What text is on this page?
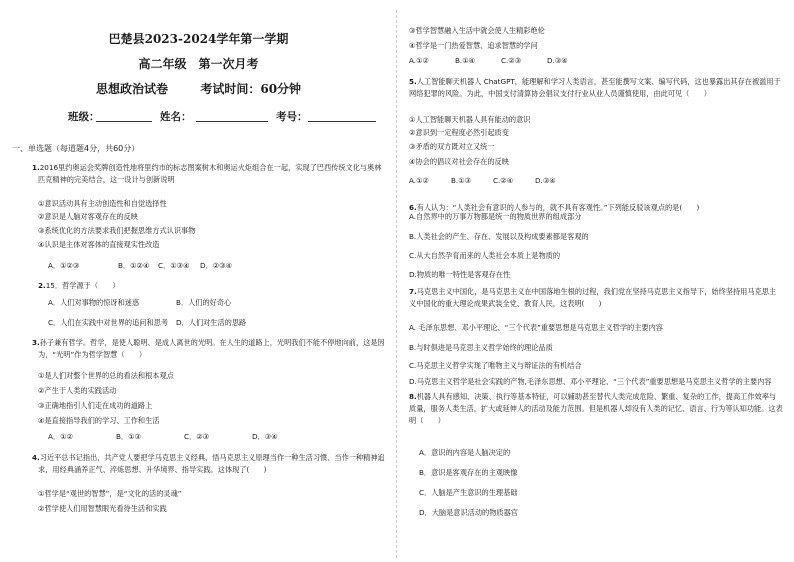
巴楚县2023-2024学年第一学期
高二年级　第一次月考
思想政治试卷	考试时间：60分钟
班级：	姓名：	考号：
一、单选题（每道题4分，共60分）
1.2016里约奥运会奖牌创造性地将里约市的标志图案树木和奥运火炬组合在一起，实现了巴西传统文化与奥林匹克精神的完美结合，这一设计与创新说明
①意识活动具有主动创造性和自觉选择性
②意识是人脑对客观存在的反映
③系统优化的方法要求我们把握思维方式认识事物
④认识是主体对客体的直接观实性改造
A．①②③	B．①②④ C．①③④ D．②③④
2.15．哲学源于（　　）
A．人们对事物的惊讶和迷惑	B．人们的好奇心
C．人们在实践中对世界的追问和思考 D．人们对生活的思路
3.孙子兼有哲学。哲学，是使人聪明、是成人离世的光明。在人生的道路上，光明我们不能不停地向前，这是因为，“光明”作为哲学智慧（　　）
①是人们对整个世界的总的看法和根本观点
②产生于人类的实践活动
③正确地指引人们走在成功的道路上
④是直接指导我们的学习、工作和生活
A．①②	B．①③	C．②③	D．③④
4.习近平总书记指出，共产党人要把学马克思主义经典、悟马克思主义原理当作一种生活习惯、当作一种精神追求，用经典涵养正气、淬炼思想、升华境界、指导实践。这体现了(　　)
①哲学是“观世的智慧”，是“文化的活的灵魂”
②哲学使人们用智慧眼光看待生活和实践
③哲学智慧融入生活中就会使人生精彩绝伦
④哲学是一门热爱智慧、追求智慧的学问
A.①②	B.①④	C.②③	D.③④
5.人工智能聊天机器人 ChatGPT，能理解和学习人类语言，甚至能撰写文案、编写代码，这也暴露出其存在被滥用于网络犯罪的风险。为此，中国支付清算协会倡议支付行业从业人员谨慎使用，由此可见（　　）
①人工智能聊天机器人具有能动的意识
②意识到一定程度必然引起质变
③矛盾的双方既对立又统一
④协会的倡议对社会存在的反映
A.①②	B.①③	C.②④	D.③④
6.有人认为：“人类社会有意识的人参与的，就不具有客观性。”下列能反驳该观点的是(　　)
A.自然界中的万事万物都是统一的物质世界的组成部分
B.人类社会的产生、存在、发展以及构成要素都是客观的
C.从大自然孕育而来的人类社会本质上是物质的
D.物质的唯一特性是客观存在性
7.马克思主义中国化，是马克思主义在中国落地生根的过程，我们党在坚持马克思主义指导下，始终坚持用马克思主义中国化的重大理论成果武装全党、教育人民，这表明(　　)
A. 毛泽东思想、邓小平理论、“三个代表”重要思想是马克思主义哲学的主要内容
B.与时俱进是马克思主义哲学始终的理论品质
C.马克思主义哲学实现了唯物主义与辩证法的有机结合
D.马克思主义哲学是社会实践的产物,毛泽东思想、邓小平理论、“三个代表”重要思想是马克思主义哲学的主要内容
8.机器人具有感知、决策、执行等基本特征，可以辅助甚至替代人类完成危险、繁重、复杂的工作，提高工作效率与质量，服务人类生活，扩大或延伸人的活动及能力范围。但是机器人却没有人类的记忆、语言、行为等认知功能。这表明（　　）
A．意识的内容是人脑决定的
B．意识是客观存在的主观映像
C．人脑是产生意识的生理基础
D．大脑是意识活动的物质器官
